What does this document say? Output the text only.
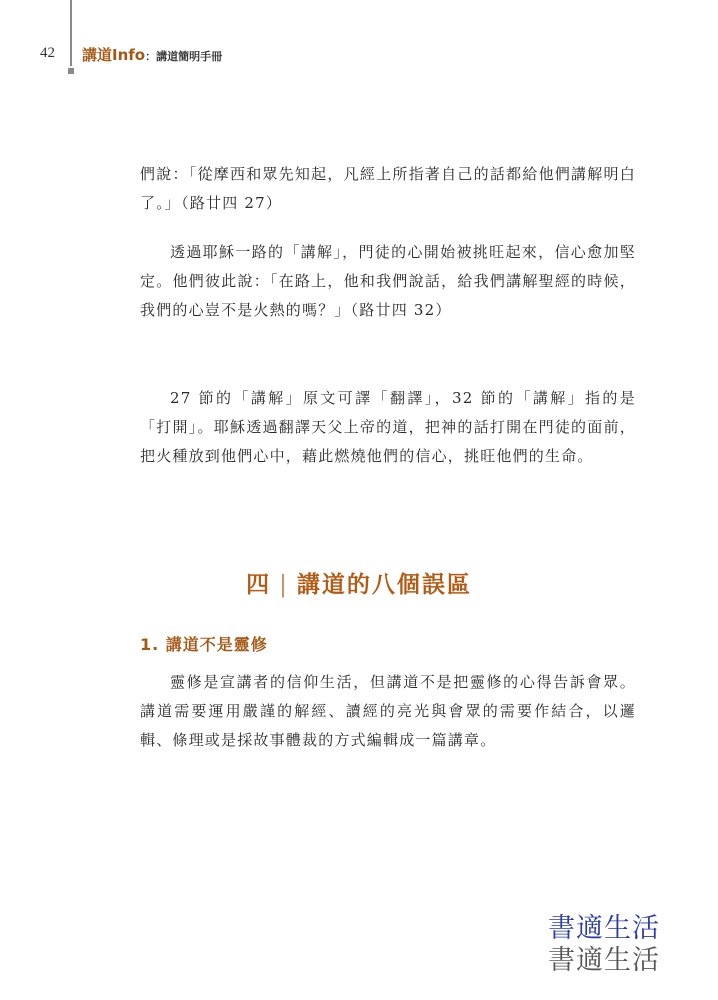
42 講道Info：講道簡明手冊

們說：「從摩西和眾先知起，凡經上所指著自己的話都給他們講解明白了。」（路廿四 27）

透過耶穌一路的「講解」，門徒的心開始被挑旺起來，信心愈加堅定。他們彼此說：「在路上，他和我們說話，給我們講解聖經的時候，我們的心豈不是火熱的嗎？」（路廿四 32）

27 節的「講解」原文可譯「翻譯」，32 節的「講解」指的是「打開」。耶穌透過翻譯天父上帝的道，把神的話打開在門徒的面前，把火種放到他們心中，藉此燃燒他們的信心，挑旺他們的生命。

四 | 講道的八個誤區
1. 講道不是靈修

靈修是宣講者的信仰生活，但講道不是把靈修的心得告訴會眾。講道需要運用嚴謹的解經、讀經的亮光與會眾的需要作結合，以邏輯、條理或是採故事體裁的方式編輯成一篇講章。

書適生活
書適生活
